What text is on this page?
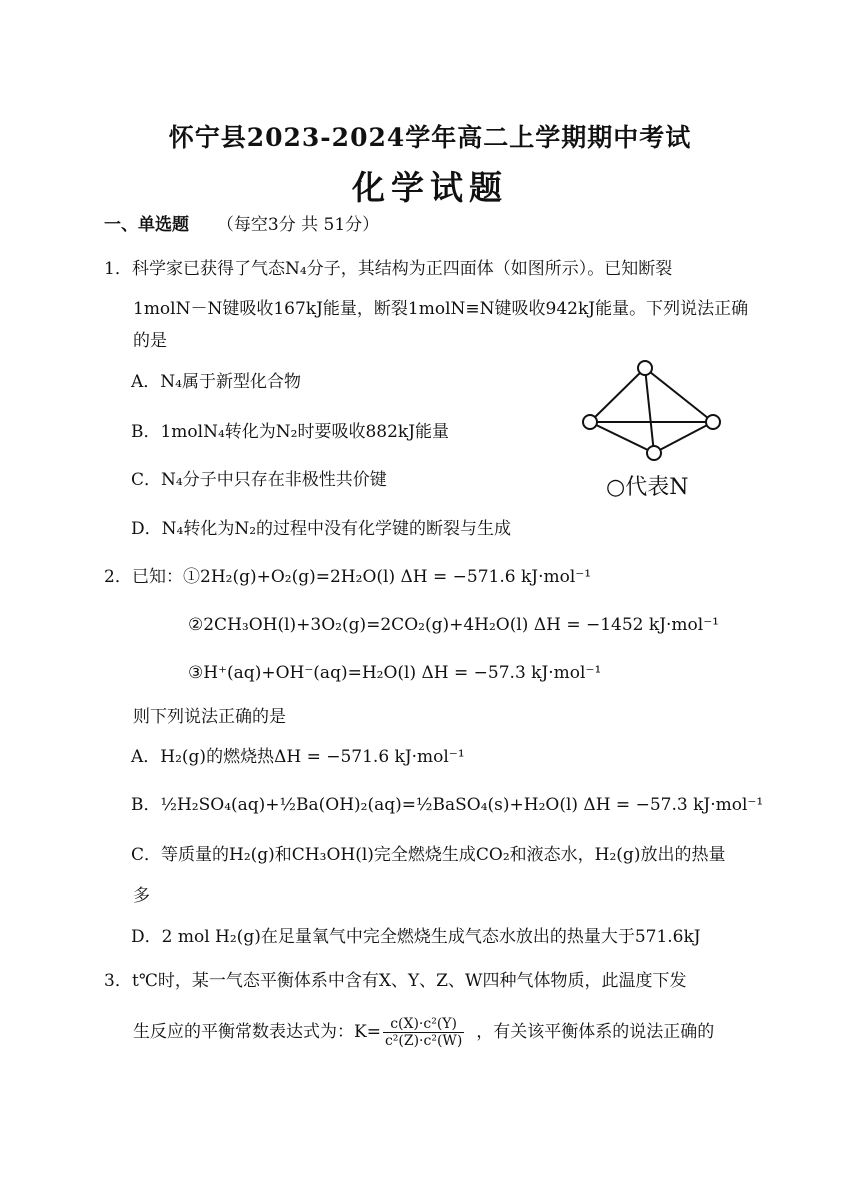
怀宁县2023-2024学年高二上学期期中考试
化学试题
一、单选题 （每空3分 共 51分）
1．科学家已获得了气态N₄分子，其结构为正四面体（如图所示）。已知断裂
1molN－N键吸收167kJ能量，断裂1molN≡N键吸收942kJ能量。下列说法正确
的是
A．N₄属于新型化合物
B．1molN₄转化为N₂时要吸收882kJ能量
C．N₄分子中只存在非极性共价键
D．N₄转化为N₂的过程中没有化学键的断裂与生成
○代表N
2．已知：①2H₂(g)+O₂(g)=2H₂O(l) ΔH = −571.6 kJ·mol⁻¹
②2CH₃OH(l)+3O₂(g)=2CO₂(g)+4H₂O(l) ΔH = −1452 kJ·mol⁻¹
③H⁺(aq)+OH⁻(aq)=H₂O(l) ΔH = −57.3 kJ·mol⁻¹
则下列说法正确的是
A．H₂(g)的燃烧热ΔH = −571.6 kJ·mol⁻¹
B．½H₂SO₄(aq)+½Ba(OH)₂(aq)=½BaSO₄(s)+H₂O(l) ΔH = −57.3 kJ·mol⁻¹
C．等质量的H₂(g)和CH₃OH(l)完全燃烧生成CO₂和液态水，H₂(g)放出的热量
多
D．2 mol H₂(g)在足量氧气中完全燃烧生成气态水放出的热量大于571.6kJ
3．t℃时，某一气态平衡体系中含有X、Y、Z、W四种气体物质，此温度下发
生反应的平衡常数表达式为：$K= \frac{\text{c(X)·c²(Y)}}{\text{c²(Z)·c²(W)}}$ ，有关该平衡体系的说法正确的
